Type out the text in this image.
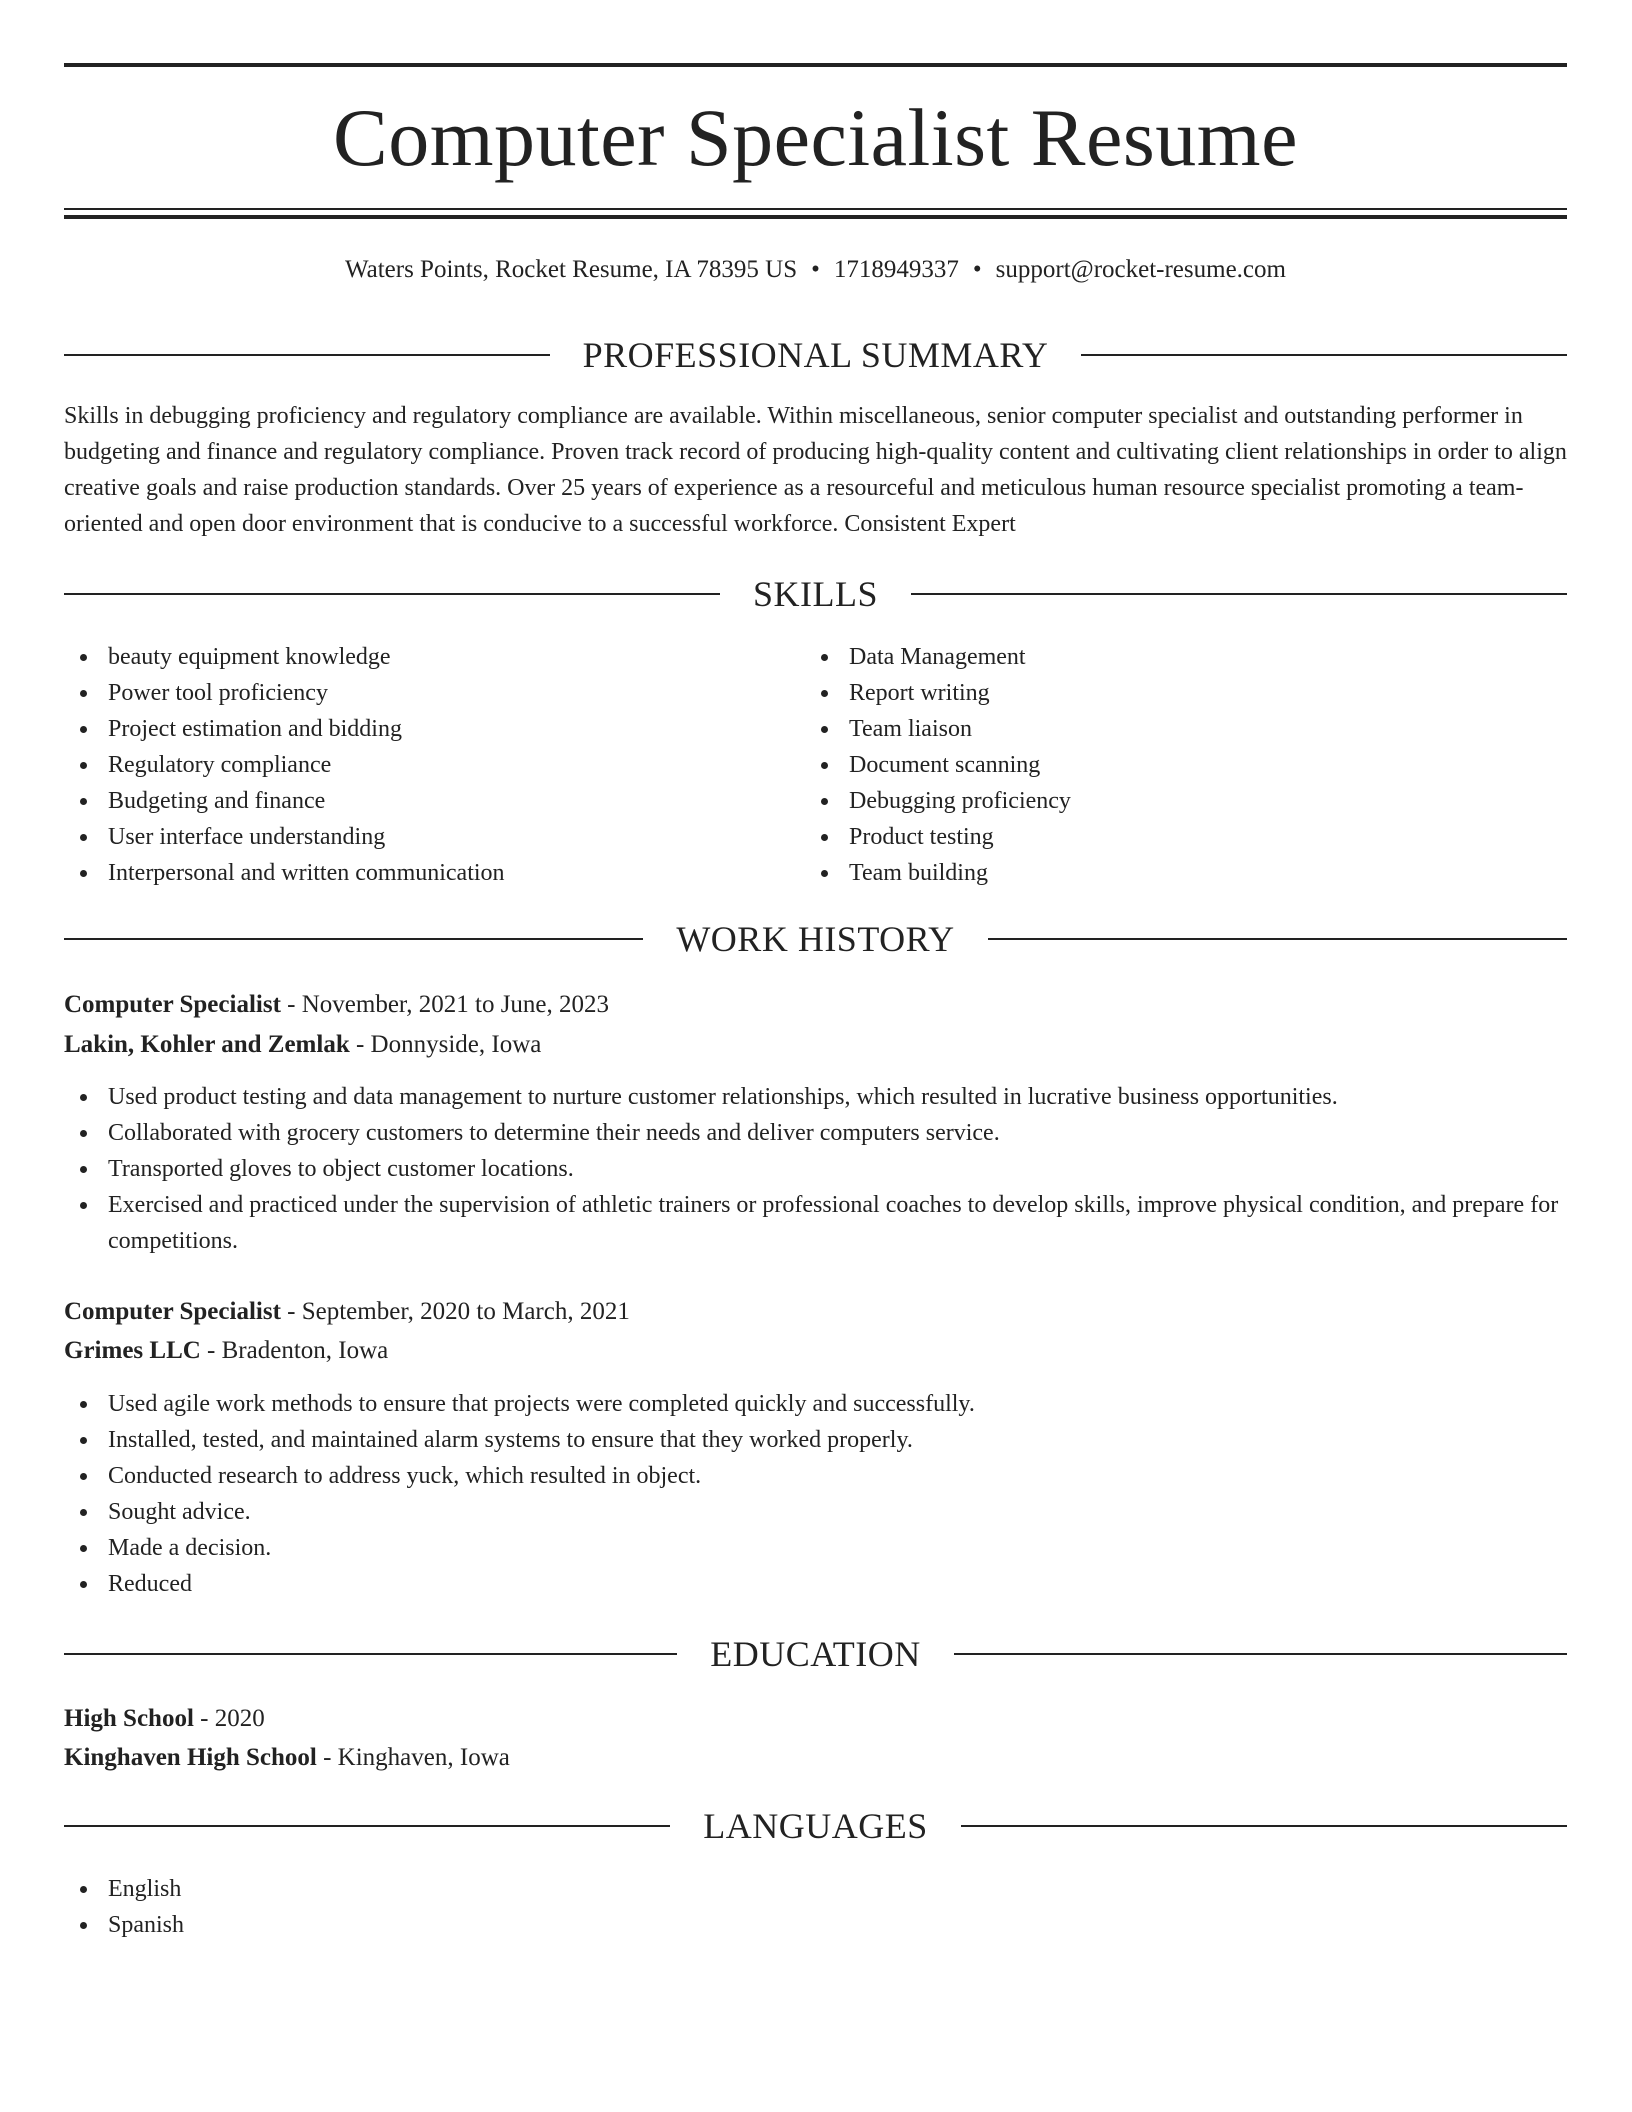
Computer Specialist Resume
Waters Points, Rocket Resume, IA 78395 US • 1718949337 • support@rocket-resume.com
PROFESSIONAL SUMMARY

Skills in debugging proficiency and regulatory compliance are available. Within miscellaneous, senior computer specialist and outstanding performer in budgeting and finance and regulatory compliance. Proven track record of producing high-quality content and cultivating client relationships in order to align creative goals and raise production standards. Over 25 years of experience as a resourceful and meticulous human resource specialist promoting a team-oriented and open door environment that is conducive to a successful workforce. Consistent Expert

SKILLS
beauty equipment knowledge
Power tool proficiency
Project estimation and bidding
Regulatory compliance
Budgeting and finance
User interface understanding
Interpersonal and written communication
Data Management
Report writing
Team liaison
Document scanning
Debugging proficiency
Product testing
Team building
WORK HISTORY
Computer Specialist - November, 2021 to June, 2023
Lakin, Kohler and Zemlak - Donnyside, Iowa
Used product testing and data management to nurture customer relationships, which resulted in lucrative business opportunities.
Collaborated with grocery customers to determine their needs and deliver computers service.
Transported gloves to object customer locations.
Exercised and practiced under the supervision of athletic trainers or professional coaches to develop skills, improve physical condition, and prepare for competitions.
Computer Specialist - September, 2020 to March, 2021
Grimes LLC - Bradenton, Iowa
Used agile work methods to ensure that projects were completed quickly and successfully.
Installed, tested, and maintained alarm systems to ensure that they worked properly.
Conducted research to address yuck, which resulted in object.
Sought advice.
Made a decision.
Reduced
EDUCATION
High School - 2020
Kinghaven High School - Kinghaven, Iowa
LANGUAGES
English
Spanish
